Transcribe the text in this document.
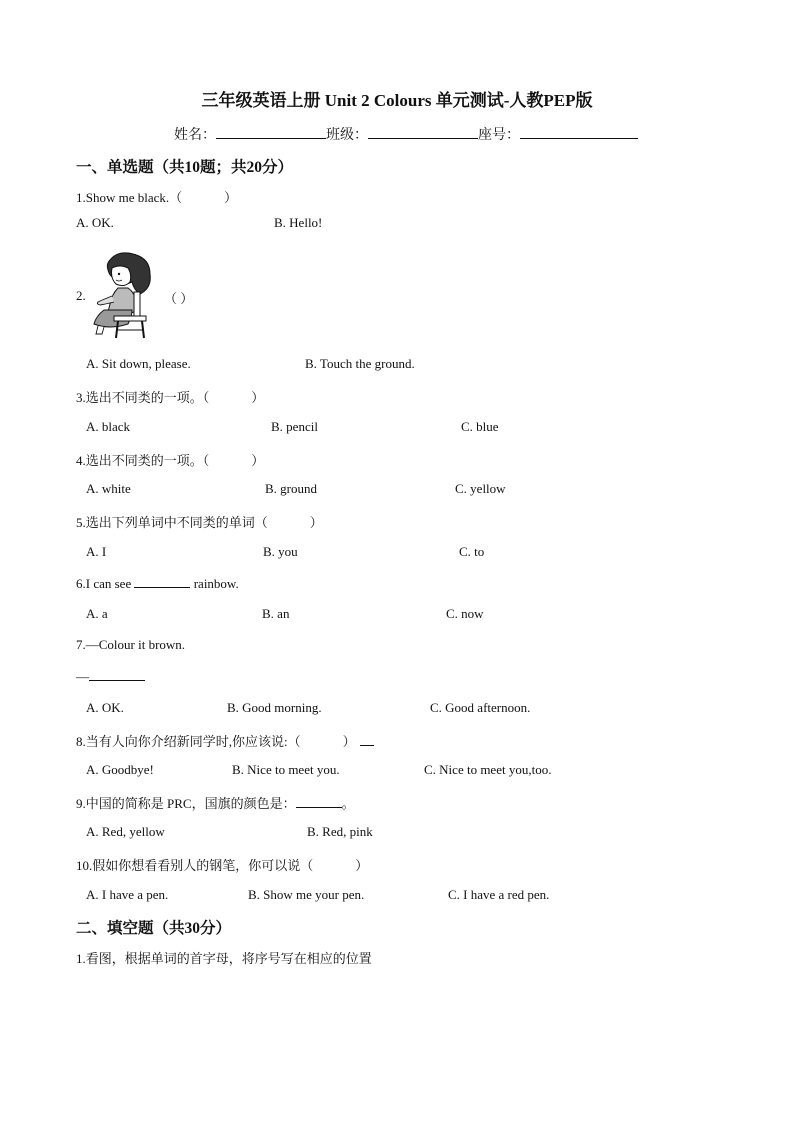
三年级英语上册 Unit 2 Colours 单元测试-人教PEP版
姓名：	班级：	座号：
一、单选题（共10题；共20分）
1.Show me black.（	）
A. OK.	B. Hello!
2.	（ ）
A. Sit down, please.	B. Touch the ground.
3.选出不同类的一项。（	）
A. black	B. pencil	C. blue
4.选出不同类的一项。（	）
A. white	B. ground	C. yellow
5.选出下列单词中不同类的单词（	）
A. I	B. you	C. to
6.I can see	rainbow.
A. a	B. an	C. now
7.—Colour it brown.
—
A. OK.	B. Good morning.	C. Good afternoon.
8.当有人向你介绍新同学时,你应该说:（	）
A. Goodbye!	B. Nice to meet you.	C. Nice to meet you,too.
9.中国的简称是 PRC，国旗的颜色是：	。
A. Red, yellow	B. Red, pink
10.假如你想看看别人的钢笔，你可以说（	）
A. I have a pen.	B. Show me your pen.	C. I have a red pen.
二、填空题（共30分）
1.看图，根据单词的首字母，将序号写在相应的位置
